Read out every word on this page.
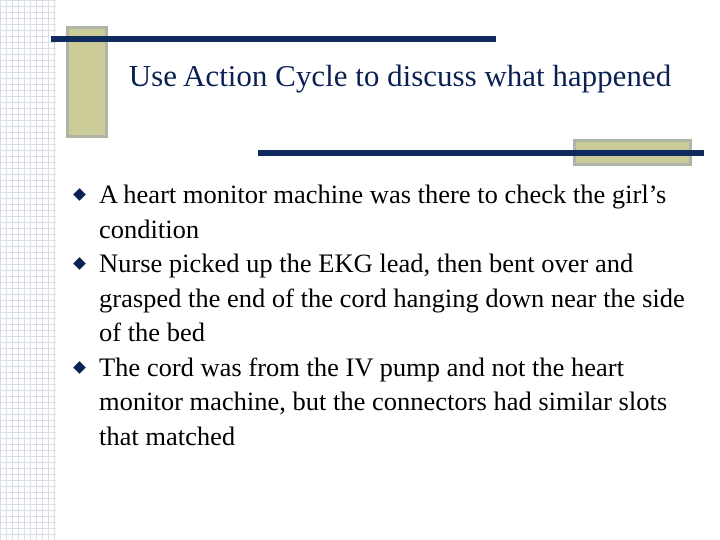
Use Action Cycle to discuss what happened
A heart monitor machine was there to check the girl’s condition
Nurse picked up the EKG lead, then bent over and grasped the end of the cord hanging down near the side of the bed
The cord was from the IV pump and not the heart monitor machine, but the connectors had similar slots that matched
